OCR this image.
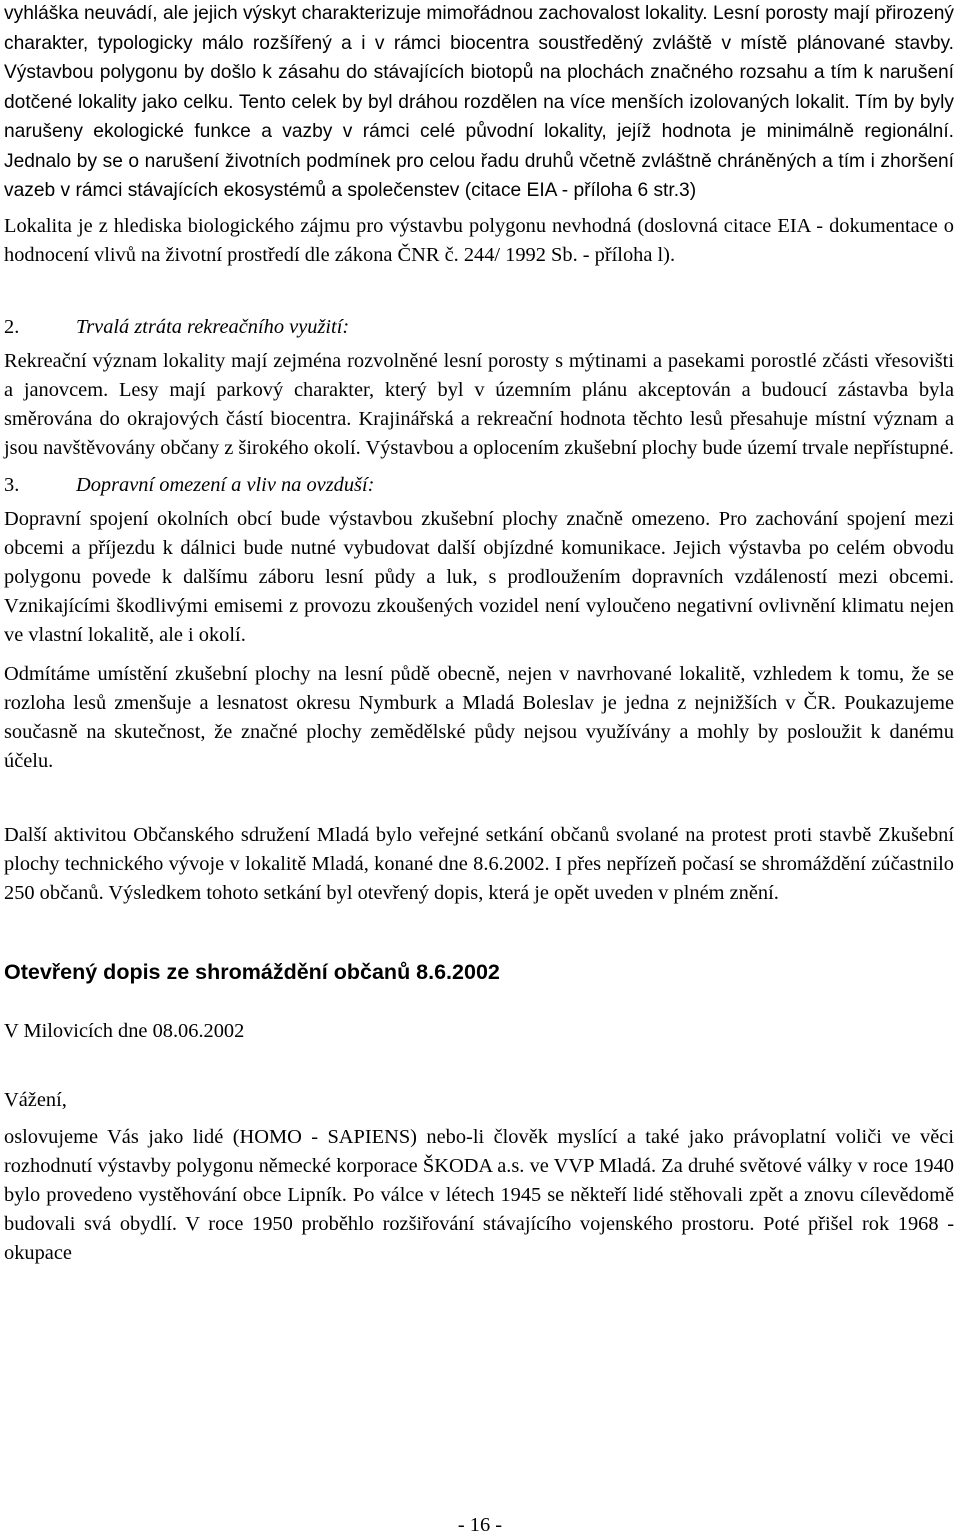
vyhláška neuvádí, ale jejich výskyt charakterizuje mimořádnou zachovalost lokality. Lesní porosty mají přirozený charakter, typologicky málo rozšířený a i v rámci biocentra soustředěný zvláště v místě plánované stavby. Výstavbou polygonu by došlo k zásahu do stávajících biotopů na plochách značného rozsahu a tím k narušení dotčené lokality jako celku. Tento celek by byl dráhou rozdělen na více menších izolovaných lokalit. Tím by byly narušeny ekologické funkce a vazby v rámci celé původní lokality, jejíž hodnota je minimálně regionální. Jednalo by se o narušení životních podmínek pro celou řadu druhů včetně zvláštně chráněných a tím i zhoršení vazeb v rámci stávajících ekosystémů a společenstev (citace EIA - příloha 6 str.3)

Lokalita je z hlediska biologického zájmu pro výstavbu polygonu nevhodná (doslovná citace EIA - dokumentace o hodnocení vlivů na životní prostředí dle zákona ČNR č. 244/ 1992 Sb. - příloha l).

2.	Trvalá ztráta rekreačního využití:

Rekreační význam lokality mají zejména rozvolněné lesní porosty s mýtinami a pasekami porostlé zčásti vřesovišti a janovcem. Lesy mají parkový charakter, který byl v územním plánu akceptován a budoucí zástavba byla směrována do okrajových částí biocentra. Krajinářská a rekreační hodnota těchto lesů přesahuje místní význam a jsou navštěvovány občany z širokého okolí. Výstavbou a oplocením zkušební plochy bude území trvale nepřístupné.

3.	Dopravní omezení a vliv na ovzduší:

Dopravní spojení okolních obcí bude výstavbou zkušební plochy značně omezeno. Pro zachování spojení mezi obcemi a příjezdu k dálnici bude nutné vybudovat další objízdné komunikace. Jejich výstavba po celém obvodu polygonu povede k dalšímu záboru lesní půdy a luk, s prodloužením dopravních vzdáleností mezi obcemi. Vznikajícími škodlivými emisemi z provozu zkoušených vozidel není vyloučeno negativní ovlivnění klimatu nejen ve vlastní lokalitě, ale i okolí.

Odmítáme umístění zkušební plochy na lesní půdě obecně, nejen v navrhované lokalitě, vzhledem k tomu, že se rozloha lesů zmenšuje a lesnatost okresu Nymburk a Mladá Boleslav je jedna z nejnižších v ČR. Poukazujeme současně na skutečnost, že značné plochy zemědělské půdy nejsou využívány a mohly by posloužit k danému účelu.

Další aktivitou Občanského sdružení Mladá bylo veřejné setkání občanů svolané na protest proti stavbě Zkušební plochy technického vývoje v lokalitě Mladá, konané dne 8.6.2002. I přes nepřízeň počasí se shromáždění zúčastnilo 250 občanů. Výsledkem tohoto setkání byl otevřený dopis, která je opět uveden v plném znění.

Otevřený dopis ze shromáždění občanů 8.6.2002

V Milovicích dne 08.06.2002

Vážení,

oslovujeme Vás jako lidé (HOMO - SAPIENS) nebo-li člověk myslící a také jako právoplatní voliči ve věci rozhodnutí výstavby polygonu německé korporace ŠKODA a.s. ve VVP Mladá. Za druhé světové války v roce 1940 bylo provedeno vystěhování obce Lipník. Po válce v létech 1945 se někteří lidé stěhovali zpět a znovu cílevědomě budovali svá obydlí. V roce 1950 proběhlo rozšiřování stávajícího vojenského prostoru. Poté přišel rok 1968 - okupace

- 16 -
